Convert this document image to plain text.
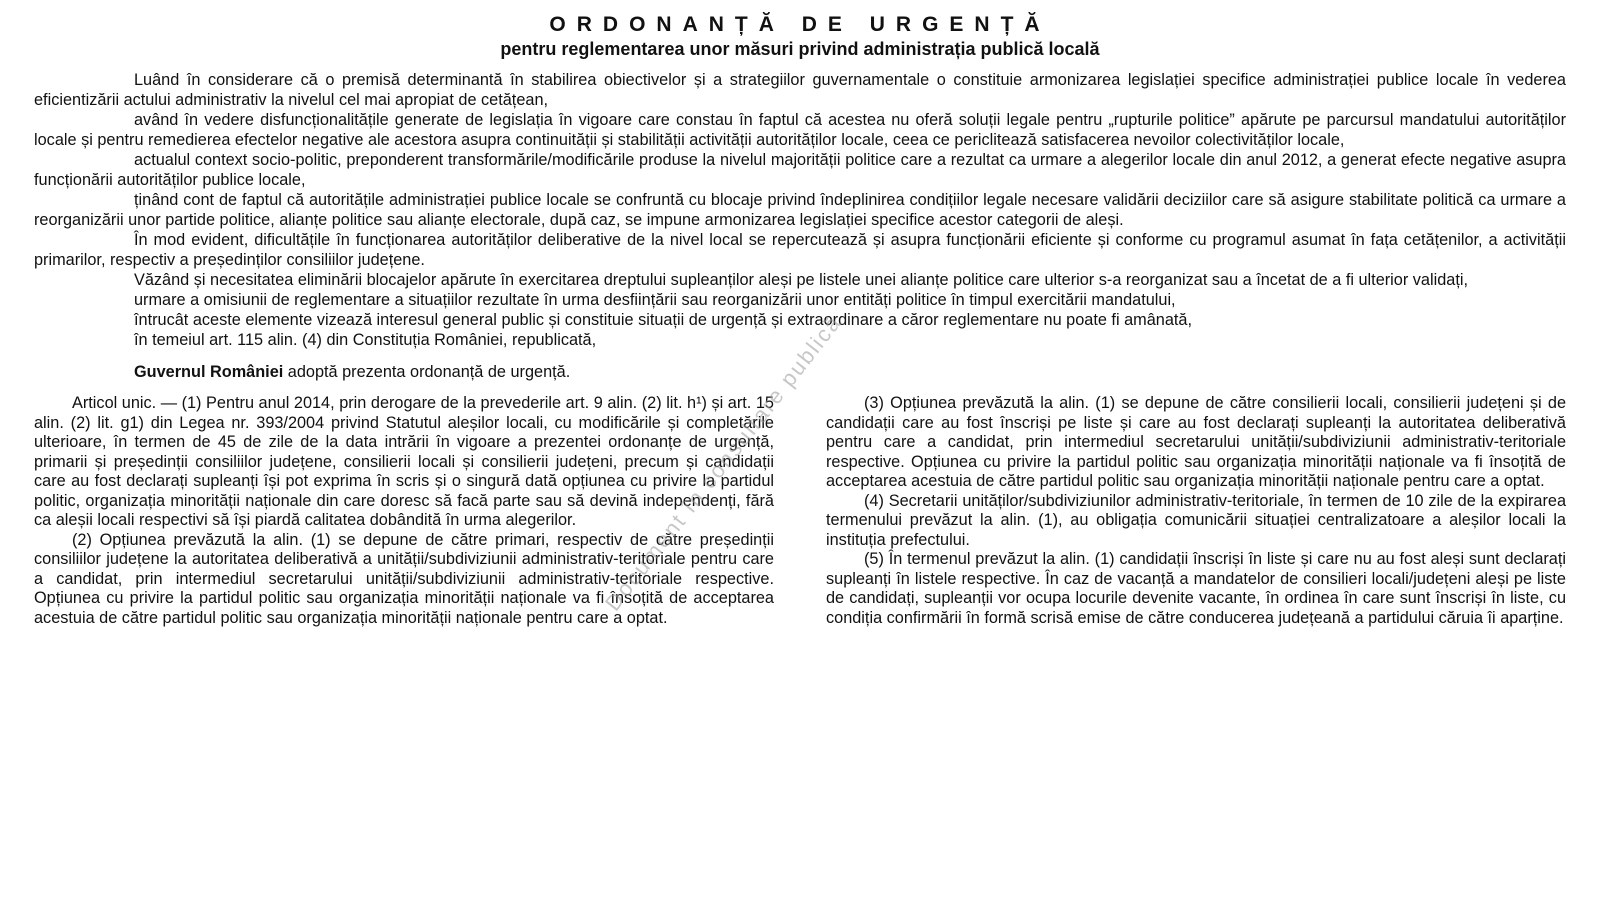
ORDONANȚĂ DE URGENȚĂ
pentru reglementarea unor măsuri privind administrația publică locală

Luând în considerare că o premisă determinantă în stabilirea obiectivelor și a strategiilor guvernamentale o constituie armonizarea legislației specifice administrației publice locale în vederea eficientizării actului administrativ la nivelul cel mai apropiat de cetățean,

având în vedere disfuncționalitățile generate de legislația în vigoare care constau în faptul că acestea nu oferă soluții legale pentru „rupturile politice” apărute pe parcursul mandatului autorităților locale și pentru remedierea efectelor negative ale acestora asupra continuității și stabilității activității autorităților locale, ceea ce periclitează satisfacerea nevoilor colectivităților locale,

actualul context socio-politic, preponderent transformările/modificările produse la nivelul majorității politice care a rezultat ca urmare a alegerilor locale din anul 2012, a generat efecte negative asupra funcționării autorităților publice locale,

ținând cont de faptul că autoritățile administrației publice locale se confruntă cu blocaje privind îndeplinirea condițiilor legale necesare validării deciziilor care să asigure stabilitate politică ca urmare a reorganizării unor partide politice, alianțe politice sau alianțe electorale, după caz, se impune armonizarea legislației specifice acestor categorii de aleși.

În mod evident, dificultățile în funcționarea autorităților deliberative de la nivel local se repercutează și asupra funcționării eficiente și conforme cu programul asumat în fața cetățenilor, a activității primarilor, respectiv a președinților consiliilor județene.

Văzând și necesitatea eliminării blocajelor apărute în exercitarea dreptului supleanților aleși pe listele unei alianțe politice care ulterior s-a reorganizat sau a încetat de a fi ulterior validați,

urmare a omisiunii de reglementare a situațiilor rezultate în urma desființării sau reorganizării unor entități politice în timpul exercitării mandatului,

întrucât aceste elemente vizează interesul general public și constituie situații de urgență și extraordinare a căror reglementare nu poate fi amânată,

în temeiul art. 115 alin. (4) din Constituția României, republicată,

Guvernul României adoptă prezenta ordonanță de urgență.

Articol unic. — (1) Pentru anul 2014, prin derogare de la prevederile art. 9 alin. (2) lit. h¹) și art. 15 alin. (2) lit. g1) din Legea nr. 393/2004 privind Statutul aleșilor locali, cu modificările și completările ulterioare, în termen de 45 de zile de la data intrării în vigoare a prezentei ordonanțe de urgență, primarii și președinții consiliilor județene, consilierii locali și consilierii județeni, precum și candidații care au fost declarați supleanți își pot exprima în scris și o singură dată opțiunea cu privire la partidul politic, organizația minorității naționale din care doresc să facă parte sau să devină independenți, fără ca aleșii locali respectivi să își piardă calitatea dobândită în urma alegerilor.

(2) Opțiunea prevăzută la alin. (1) se depune de către primari, respectiv de către președinții consiliilor județene la autoritatea deliberativă a unității/subdiviziunii administrativ-teritoriale pentru care a candidat, prin intermediul secretarului unității/subdiviziunii administrativ-teritoriale respective. Opțiunea cu privire la partidul politic sau organizația minorității naționale va fi însoțită de acceptarea acestuia de către partidul politic sau organizația minorității naționale pentru care a optat.

(3) Opțiunea prevăzută la alin. (1) se depune de către consilierii locali, consilierii județeni și de candidații care au fost înscriși pe liste și care au fost declarați supleanți la autoritatea deliberativă pentru care a candidat, prin intermediul secretarului unității/subdiviziunii administrativ-teritoriale respective. Opțiunea cu privire la partidul politic sau organizația minorității naționale va fi însoțită de acceptarea acestuia de către partidul politic sau organizația minorității naționale pentru care a optat.

(4) Secretarii unităților/subdiviziunilor administrativ-teritoriale, în termen de 10 zile de la expirarea termenului prevăzut la alin. (1), au obligația comunicării situației centralizatoare a aleșilor locali la instituția prefectului.

(5) În termenul prevăzut la alin. (1) candidații înscriși în liste și care nu au fost aleși sunt declarați supleanți în listele respective. În caz de vacanță a mandatelor de consilieri locali/județeni aleși pe liste de candidați, supleanții vor ocupa locurile devenite vacante, în ordinea în care sunt înscriși în liste, cu condiția confirmării în formă scrisă emise de către conducerea județeană a partidului căruia îi aparține.

Document în consultare publică
